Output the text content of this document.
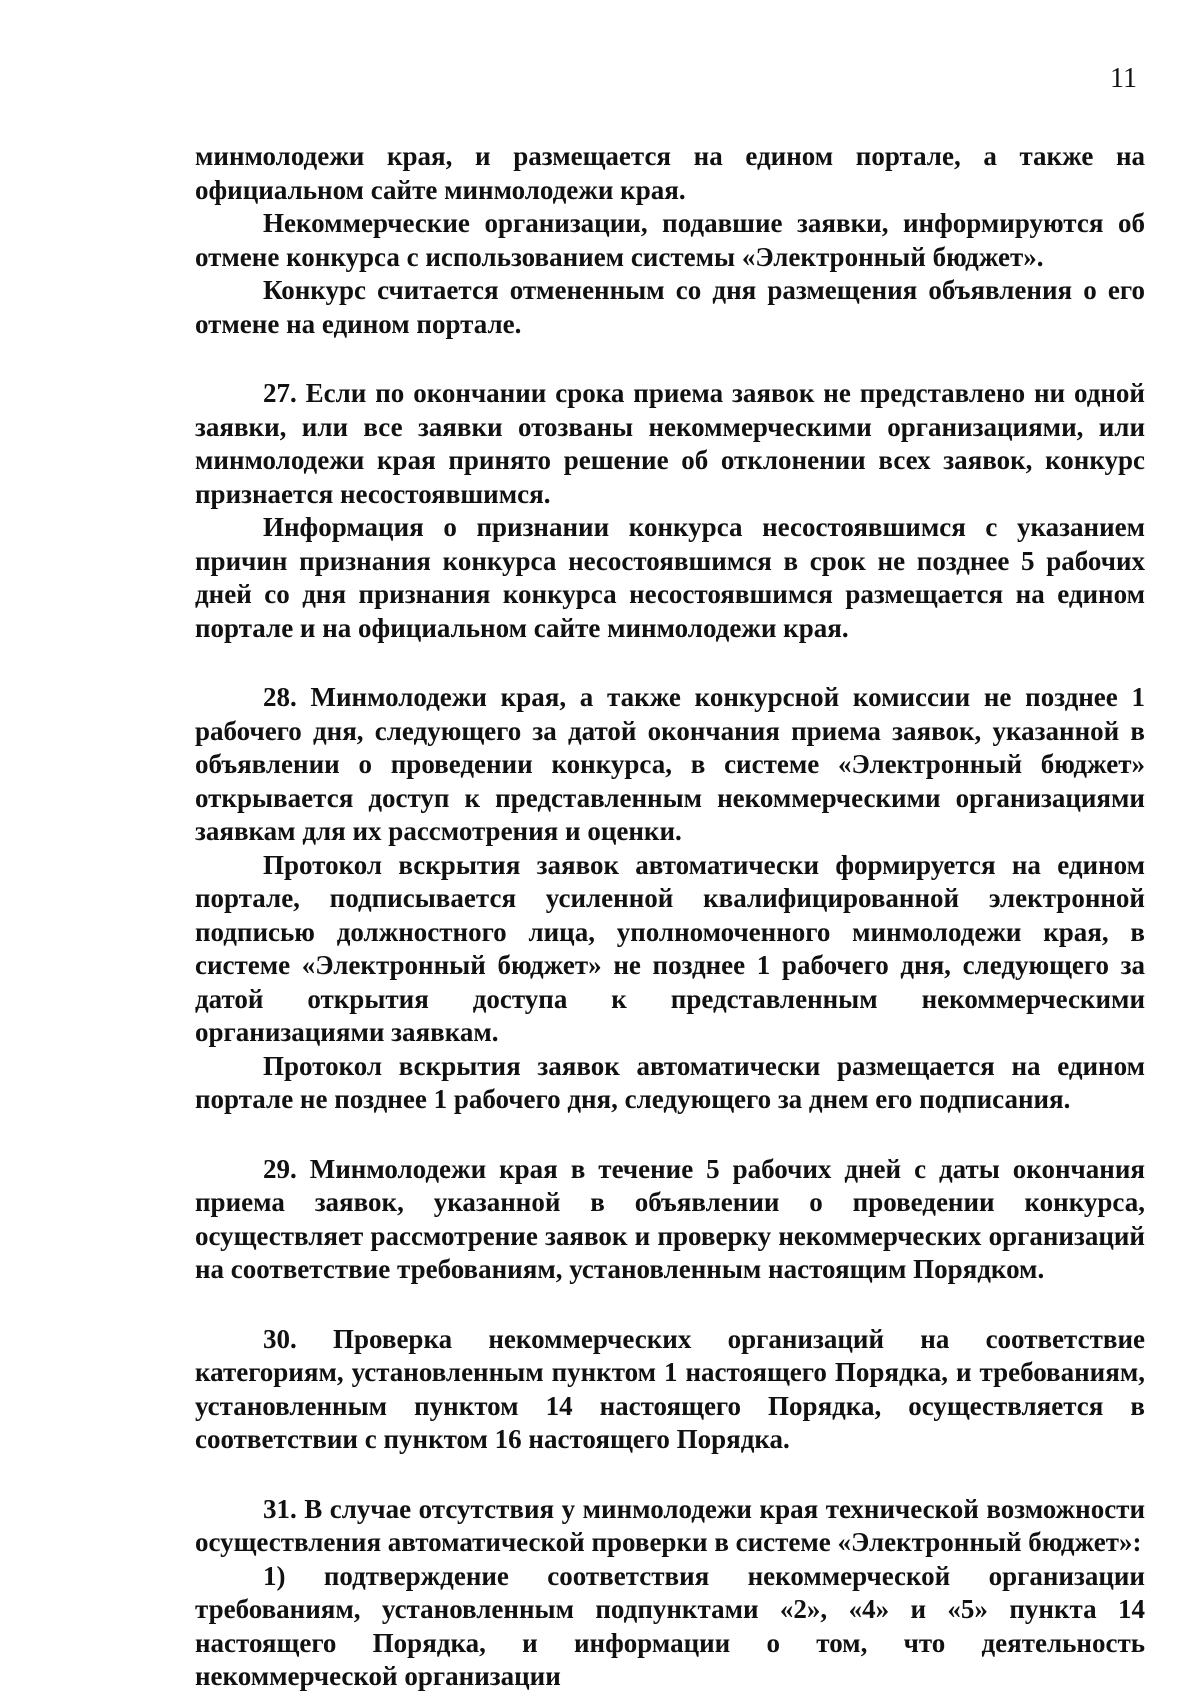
11

минмолодежи края, и размещается на едином портале, а также на официальном сайте минмолодежи края.

Некоммерческие организации, подавшие заявки, информируются об отмене конкурса с использованием системы «Электронный бюджет».

Конкурс считается отмененным со дня размещения объявления о его отмене на едином портале.

27. Если по окончании срока приема заявок не представлено ни одной заявки, или все заявки отозваны некоммерческими организациями, или минмолодежи края принято решение об отклонении всех заявок, конкурс признается несостоявшимся.

Информация о признании конкурса несостоявшимся с указанием причин признания конкурса несостоявшимся в срок не позднее 5 рабочих дней со дня признания конкурса несостоявшимся размещается на едином портале и на официальном сайте минмолодежи края.

28. Минмолодежи края, а также конкурсной комиссии не позднее 1 рабочего дня, следующего за датой окончания приема заявок, указанной в объявлении о проведении конкурса, в системе «Электронный бюджет» открывается доступ к представленным некоммерческими организациями заявкам для их рассмотрения и оценки.

Протокол вскрытия заявок автоматически формируется на едином портале, подписывается усиленной квалифицированной электронной подписью должностного лица, уполномоченного минмолодежи края, в системе «Электронный бюджет» не позднее 1 рабочего дня, следующего за датой открытия доступа к представленным некоммерческими организациями заявкам.

Протокол вскрытия заявок автоматически размещается на едином портале не позднее 1 рабочего дня, следующего за днем его подписания.

29. Минмолодежи края в течение 5 рабочих дней с даты окончания приема заявок, указанной в объявлении о проведении конкурса, осуществляет рассмотрение заявок и проверку некоммерческих организаций на соответствие требованиям, установленным настоящим Порядком.

30. Проверка некоммерческих организаций на соответствие категориям, установленным пунктом 1 настоящего Порядка, и требованиям, установленным пунктом 14 настоящего Порядка, осуществляется в соответствии с пунктом 16 настоящего Порядка.

31. В случае отсутствия у минмолодежи края технической возможности осуществления автоматической проверки в системе «Электронный бюджет»:

1) подтверждение соответствия некоммерческой организации требованиям, установленным подпунктами «2», «4» и «5» пункта 14 настоящего Порядка, и информации о том, что деятельность некоммерческой организации
